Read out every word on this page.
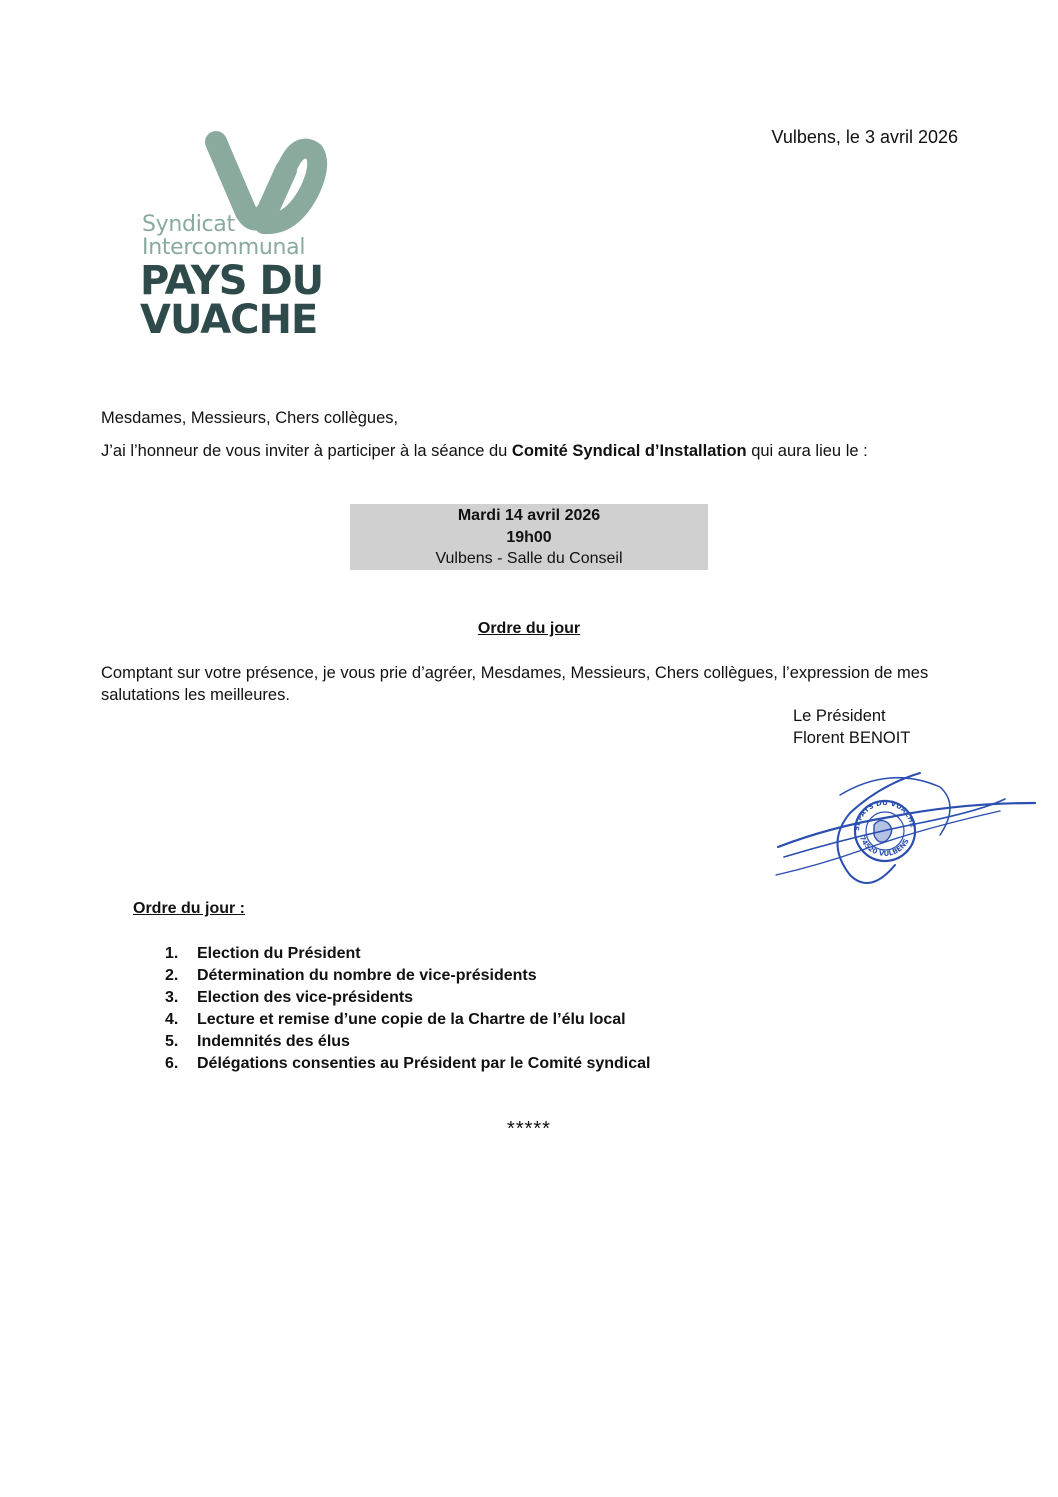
Syndicat
Intercommunal
PAYS DU
VUACHE
Vulbens, le 3 avril 2026
Mesdames, Messieurs, Chers collègues,
J’ai l’honneur de vous inviter à participer à la séance du Comité Syndical d’Installation qui aura lieu le :
Mardi 14 avril 2026
19h00
Vulbens - Salle du Conseil
Ordre du jour
Comptant sur votre présence, je vous prie d’agréer, Mesdames, Messieurs, Chers collègues, l’expression de mes salutations les meilleures.
Le Président
Florent BENOIT
SI PAYS DU VUACHE
74520 VULBENS
Ordre du jour :
1.	Election du Président
2.	Détermination du nombre de vice-présidents
3.	Election des vice-présidents
4.	Lecture et remise d’une copie de la Chartre de l’élu local
5.	Indemnités des élus
6.	Délégations consenties au Président par le Comité syndical
*****
